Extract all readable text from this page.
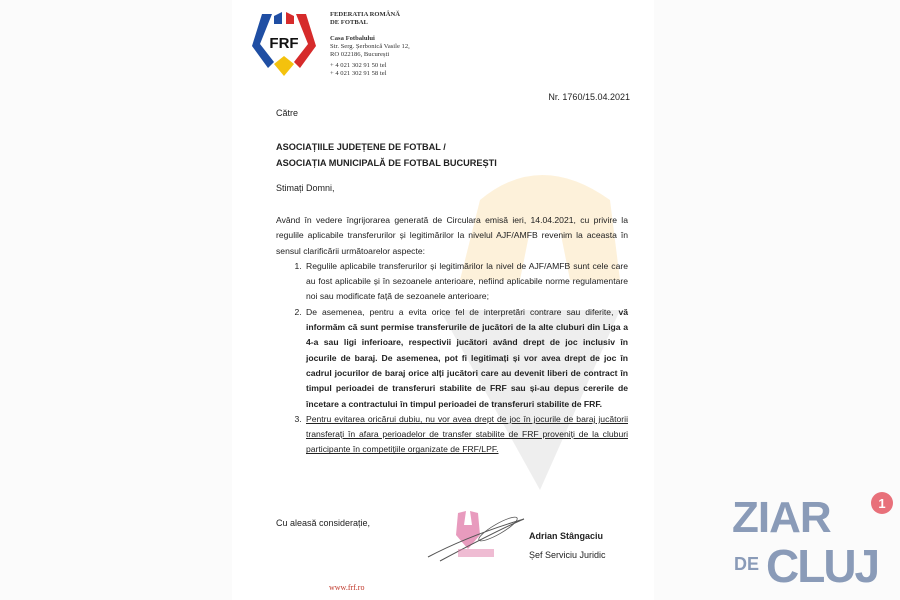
FRF
FEDERATIA ROMÂNĂ
DE FOTBAL
Casa Fotbalului
Str. Serg. Șerbonică Vasile 12,
RO 022186, București
+ 4 021 302 91 50 tel
+ 4 021 302 91 58 tel
Nr. 1760/15.04.2021
Către
ASOCIAȚIILE JUDEȚENE DE FOTBAL /
ASOCIAȚIA MUNICIPALĂ DE FOTBAL BUCUREȘTI
Stimați Domni,

Având în vedere îngrijorarea generată de Circulara emisă ieri, 14.04.2021, cu privire la regulile aplicabile transferurilor și legitimărilor la nivelul AJF/AMFB revenim la aceasta în sensul clarificării următoarelor aspecte:

1. Regulile aplicabile transferurilor și legitimărilor la nivel de AJF/AMFB sunt cele care au fost aplicabile și în sezoanele anterioare, nefiind aplicabile norme regulamentare noi sau modificate față de sezoanele anterioare;
2. De asemenea, pentru a evita orice fel de interpretări contrare sau diferite, vă informăm că sunt permise transferurile de jucători de la alte cluburi din Liga a 4-a sau ligi inferioare, respectivii jucători având drept de joc inclusiv în jocurile de baraj. De asemenea, pot fi legitimați și vor avea drept de joc în cadrul jocurilor de baraj orice alți jucători care au devenit liberi de contract în timpul perioadei de transferuri stabilite de FRF sau și-au depus cererile de încetare a contractului în timpul perioadei de transferuri stabilite de FRF.
3. Pentru evitarea oricărui dubiu, nu vor avea drept de joc în jocurile de baraj jucătorii transferați în afara perioadelor de transfer stabilite de FRF proveniți de la cluburi participante în competițiile organizate de FRF/LPF.
Cu aleasă considerație,
Adrian Stângaciu
Șef Serviciu Juridic
www.frf.ro
ZIAR
DE CLUJ
1
